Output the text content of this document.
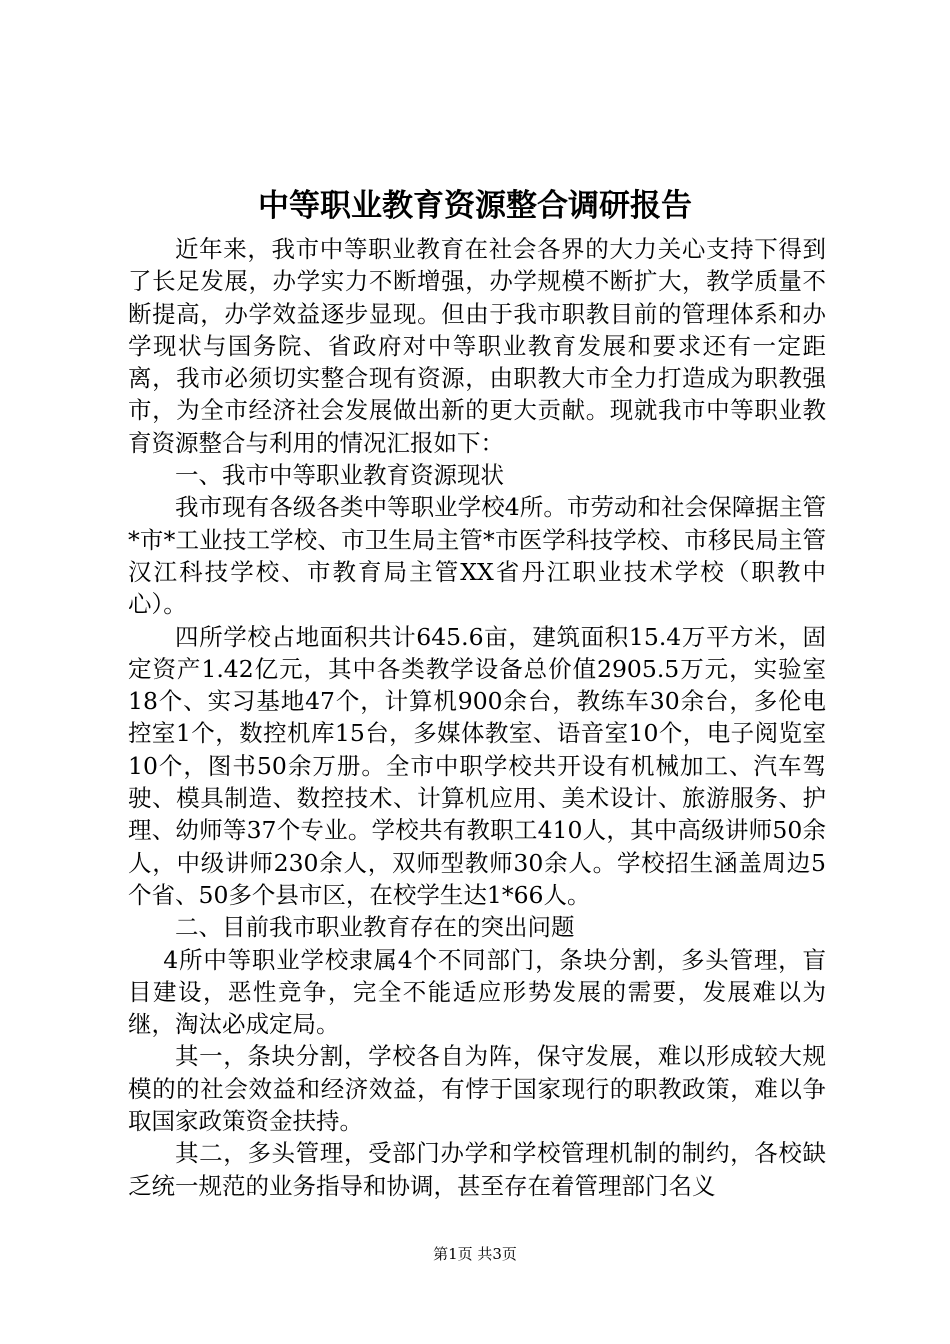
中等职业教育资源整合调研报告

近年来，我市中等职业教育在社会各界的大力关心支持下得到了长足发展，办学实力不断增强，办学规模不断扩大，教学质量不断提高，办学效益逐步显现。但由于我市职教目前的管理体系和办学现状与国务院、省政府对中等职业教育发展和要求还有一定距离，我市必须切实整合现有资源，由职教大市全力打造成为职教强市，为全市经济社会发展做出新的更大贡献。现就我市中等职业教育资源整合与利用的情况汇报如下：

一、我市中等职业教育资源现状

我市现有各级各类中等职业学校4所。市劳动和社会保障据主管*市*工业技工学校、市卫生局主管*市医学科技学校、市移民局主管汉江科技学校、市教育局主管XX省丹江职业技术学校（职教中心）。

四所学校占地面积共计645.6亩，建筑面积15.4万平方米，固定资产1.42亿元，其中各类教学设备总价值2905.5万元，实验室18个、实习基地47个，计算机900余台，教练车30余台，多伦电控室1个，数控机库15台，多媒体教室、语音室10个，电子阅览室10个，图书50余万册。全市中职学校共开设有机械加工、汽车驾驶、模具制造、数控技术、计算机应用、美术设计、旅游服务、护理、幼师等37个专业。学校共有教职工410人，其中高级讲师50余人，中级讲师230余人，双师型教师30余人。学校招生涵盖周边5个省、50多个县市区，在校学生达1*66人。

二、目前我市职业教育存在的突出问题

4所中等职业学校隶属4个不同部门，条块分割，多头管理，盲目建设，恶性竞争，完全不能适应形势发展的需要，发展难以为继，淘汰必成定局。

其一，条块分割，学校各自为阵，保守发展，难以形成较大规模的的社会效益和经济效益，有悖于国家现行的职教政策，难以争取国家政策资金扶持。

其二，多头管理，受部门办学和学校管理机制的制约，各校缺乏统一规范的业务指导和协调，甚至存在着管理部门名义

第1页 共3页
